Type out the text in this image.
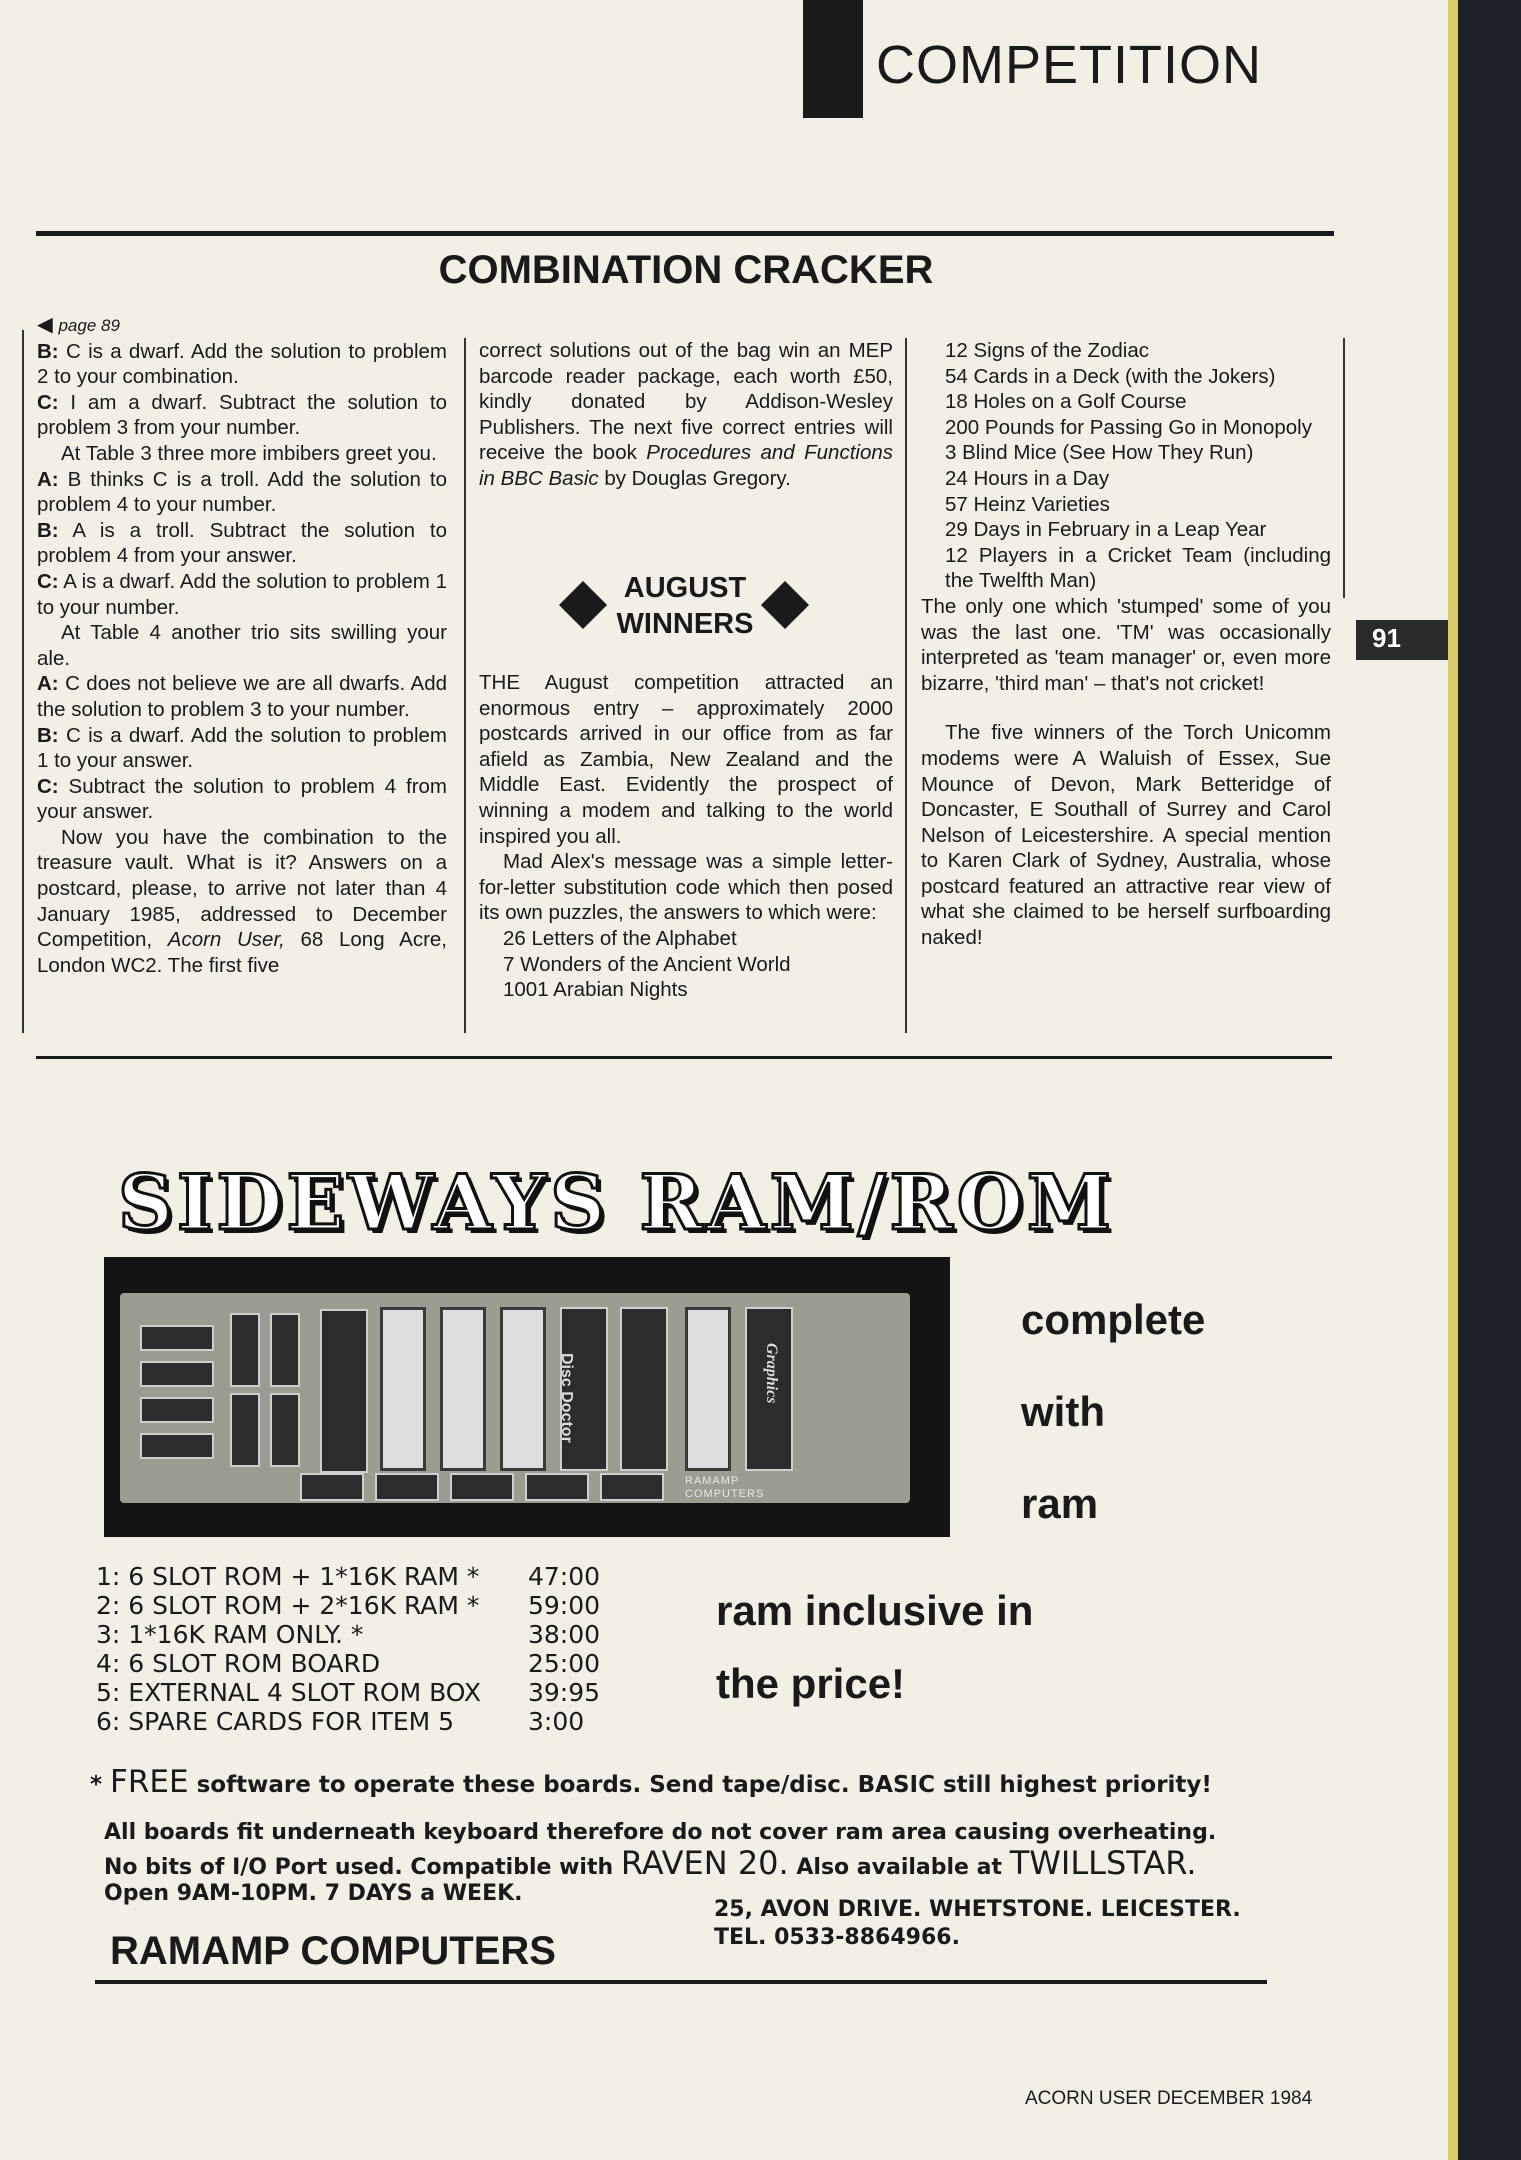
91
COMPETITION
COMBINATION CRACKER
◀ page 89

B: C is a dwarf. Add the solution to problem 2 to your combination.

C: I am a dwarf. Subtract the solution to problem 3 from your number.

At Table 3 three more imbibers greet you.

A: B thinks C is a troll. Add the solution to problem 4 to your number.

B: A is a troll. Subtract the solution to problem 4 from your answer.

C: A is a dwarf. Add the solution to problem 1 to your number.

At Table 4 another trio sits swilling your ale.

A: C does not believe we are all dwarfs. Add the solution to problem 3 to your number.

B: C is a dwarf. Add the solution to problem 1 to your answer.

C: Subtract the solution to problem 4 from your answer.

Now you have the combination to the treasure vault. What is it? Answers on a postcard, please, to arrive not later than 4 January 1985, addressed to December Competition, Acorn User, 68 Long Acre, London WC2. The first five

correct solutions out of the bag win an MEP barcode reader package, each worth £50, kindly donated by Addison-Wesley Publishers. The next five correct entries will receive the book Procedures and Functions in BBC Basic by Douglas Gregory.

AUGUST WINNERS

THE August competition attracted an enormous entry – approximately 2000 postcards arrived in our office from as far afield as Zambia, New Zealand and the Middle East. Evidently the prospect of winning a modem and talking to the world inspired you all.

Mad Alex's message was a simple letter-for-letter substitution code which then posed its own puzzles, the answers to which were:

26 Letters of the Alphabet
7 Wonders of the Ancient World
1001 Arabian Nights
12 Signs of the Zodiac
54 Cards in a Deck (with the Jokers)
18 Holes on a Golf Course
200 Pounds for Passing Go in Monopoly
3 Blind Mice (See How They Run)
24 Hours in a Day
57 Heinz Varieties
29 Days in February in a Leap Year
12 Players in a Cricket Team (including the Twelfth Man)

The only one which 'stumped' some of you was the last one. 'TM' was occasionally interpreted as 'team manager' or, even more bizarre, 'third man' – that's not cricket!

The five winners of the Torch Unicomm modems were A Waluish of Essex, Sue Mounce of Devon, Mark Betteridge of Doncaster, E Southall of Surrey and Carol Nelson of Leicestershire. A special mention to Karen Clark of Sydney, Australia, whose postcard featured an attractive rear view of what she claimed to be herself surfboarding naked!

SIDEWAYS RAM/ROM
Disc Doctor	Graphics
RAMAMP COMPUTERS
complete
with
ram
1: 6 SLOT ROM + 1*16K RAM * 47:00
2: 6 SLOT ROM + 2*16K RAM * 59:00
3: 1*16K RAM ONLY. *	38:00
4: 6 SLOT ROM BOARD	25:00
5: EXTERNAL 4 SLOT ROM BOX 39:95
6: SPARE CARDS FOR ITEM 5	3:00
ram inclusive in
the price!
* FREE software to operate these boards. Send tape/disc. BASIC still highest priority!
All boards fit underneath keyboard therefore do not cover ram area causing overheating.
No bits of I/O Port used. Compatible with RAVEN 20. Also available at TWILLSTAR.
Open 9AM-10PM. 7 DAYS a WEEK.
25, AVON DRIVE. WHETSTONE. LEICESTER.
TEL. 0533-8864966.
RAMAMP COMPUTERS
ACORN USER DECEMBER 1984
